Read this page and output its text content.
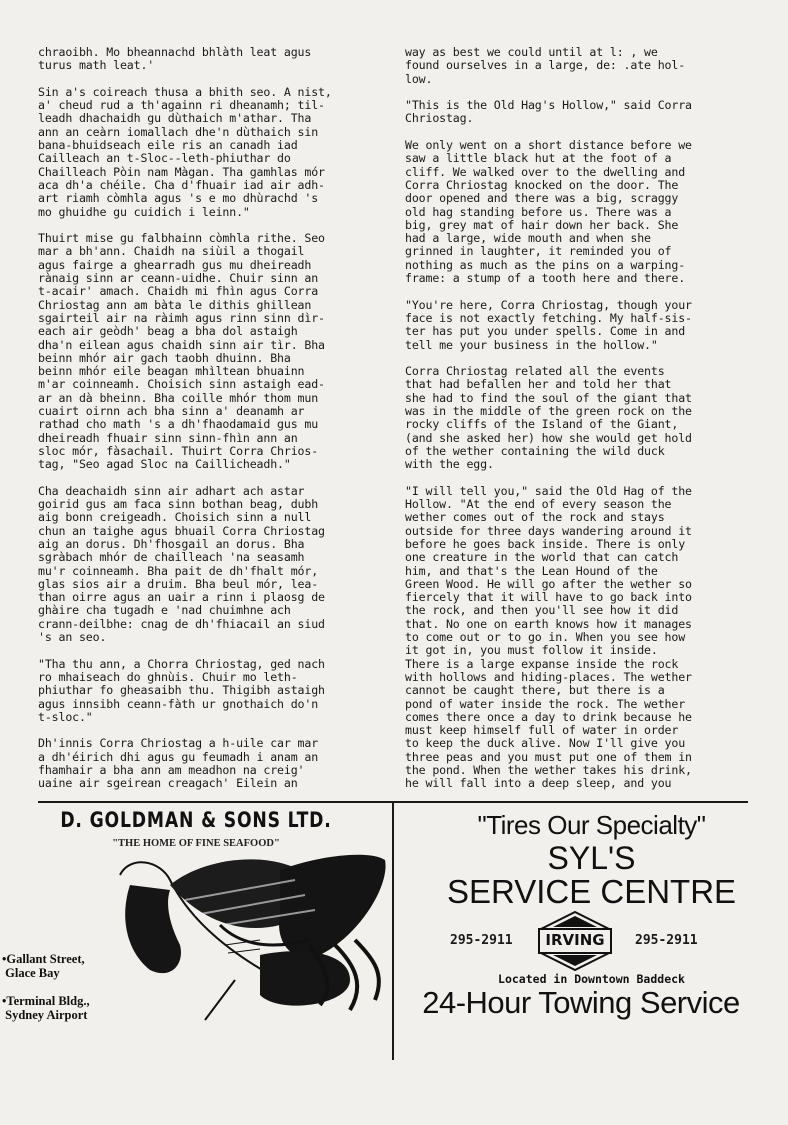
chraoibh. Mo bheannachd bhlàth leat agus
turus math leat.'

Sin a's coireach thusa a bhith seo. A nist,
a' cheud rud a th'againn ri dheanamh; til-
leadh dhachaidh gu dùthaich m'athar. Tha
ann an ceàrn iomallach dhe'n dùthaich sin
bana-bhuidseach eile ris an canadh iad
Cailleach an t-Sloc--leth-phiuthar do
Chailleach Pòin nam Màgan. Tha gamhlas mór
aca dh'a chéile. Cha d'fhuair iad air adh-
art riamh còmhla agus 's e mo dhùrachd 's
mo ghuidhe gu cuidich i leinn."

Thuirt mise gu falbhainn còmhla rithe. Seo
mar a bh'ann. Chaidh na siùil a thogail
agus fairge a ghearradh gus mu dheireadh
rànaig sinn ar ceann-uidhe. Chuir sinn an
t-acair' amach. Chaidh mi fhìn agus Corra
Chriostag ann am bàta le dithis ghillean
sgairteil air na ràimh agus rinn sinn dìr-
each air geòdh' beag a bha dol astaigh
dha'n eilean agus chaidh sinn air tìr. Bha
beinn mhór air gach taobh dhuinn. Bha
beinn mhór eile beagan mhìltean bhuainn
m'ar coinneamh. Choisich sinn astaigh ead-
ar an dà bheinn. Bha coille mhór thom mun
cuairt oirnn ach bha sinn a' deanamh ar
rathad cho math 's a dh'fhaodamaid gus mu
dheireadh fhuair sinn sinn-fhìn ann an
sloc mór, fàsachail. Thuirt Corra Chrios-
tag, "Seo agad Sloc na Caillicheadh."

Cha deachaidh sinn air adhart ach astar
goirid gus am faca sinn bothan beag, dubh
aig bonn creigeadh. Choisich sinn a null
chun an taighe agus bhuail Corra Chriostag
aig an dorus. Dh'fhosgail an dorus. Bha
sgràbach mhór de chailleach 'na seasamh
mu'r coinneamh. Bha pait de dh'fhalt mór,
glas sios air a druim. Bha beul mór, lea-
than oirre agus an uair a rinn i plaosg de
ghàire cha tugadh e 'nad chuimhne ach
crann-deilbhe: cnag de dh'fhiacail an siud
's an seo.

"Tha thu ann, a Chorra Chriostag, ged nach
ro mhaiseach do ghnùis. Chuir mo leth-
phiuthar fo gheasaibh thu. Thigibh astaigh
agus innsibh ceann-fàth ur gnothaich do'n
t-sloc."

Dh'innis Corra Chriostag a h-uile car mar
a dh'éirich dhi agus gu feumadh i anam an
fhamhair a bha ann am meadhon na creig'
uaine air sgeirean creagach' Eilein an

way as best we could until at l: , we
found ourselves in a large, de: .ate hol-
low.

"This is the Old Hag's Hollow," said Corra
Chriostag.

We only went on a short distance before we
saw a little black hut at the foot of a
cliff. We walked over to the dwelling and
Corra Chriostag knocked on the door. The
door opened and there was a big, scraggy
old hag standing before us. There was a
big, grey mat of hair down her back. She
had a large, wide mouth and when she
grinned in laughter, it reminded you of
nothing as much as the pins on a warping-
frame: a stump of a tooth here and there.

"You're here, Corra Chriostag, though your
face is not exactly fetching. My half-sis-
ter has put you under spells. Come in and
tell me your business in the hollow."

Corra Chriostag related all the events
that had befallen her and told her that
she had to find the soul of the giant that
was in the middle of the green rock on the
rocky cliffs of the Island of the Giant,
(and she asked her) how she would get hold
of the wether containing the wild duck
with the egg.

"I will tell you," said the Old Hag of the
Hollow. "At the end of every season the
wether comes out of the rock and stays
outside for three days wandering around it
before he goes back inside. There is only
one creature in the world that can catch
him, and that's the Lean Hound of the
Green Wood. He will go after the wether so
fiercely that it will have to go back into
the rock, and then you'll see how it did
that. No one on earth knows how it manages
to come out or to go in. When you see how
it got in, you must follow it inside.
There is a large expanse inside the rock
with hollows and hiding-places. The wether
cannot be caught there, but there is a
pond of water inside the rock. The wether
comes there once a day to drink because he
must keep himself full of water in order
to keep the duck alive. Now I'll give you
three peas and you must put one of them in
the pond. When the wether takes his drink,
he will fall into a deep sleep, and you

D. GOLDMAN & SONS LTD.
"THE HOME OF FINE SEAFOOD"
•Gallant Street,
Glace Bay
•Terminal Bldg.,
Sydney Airport
"Tires Our Specialty"
SYL'S
SERVICE CENTRE
295-2911	IRVING	295-2911
Located in Downtown Baddeck
24-Hour Towing Service
